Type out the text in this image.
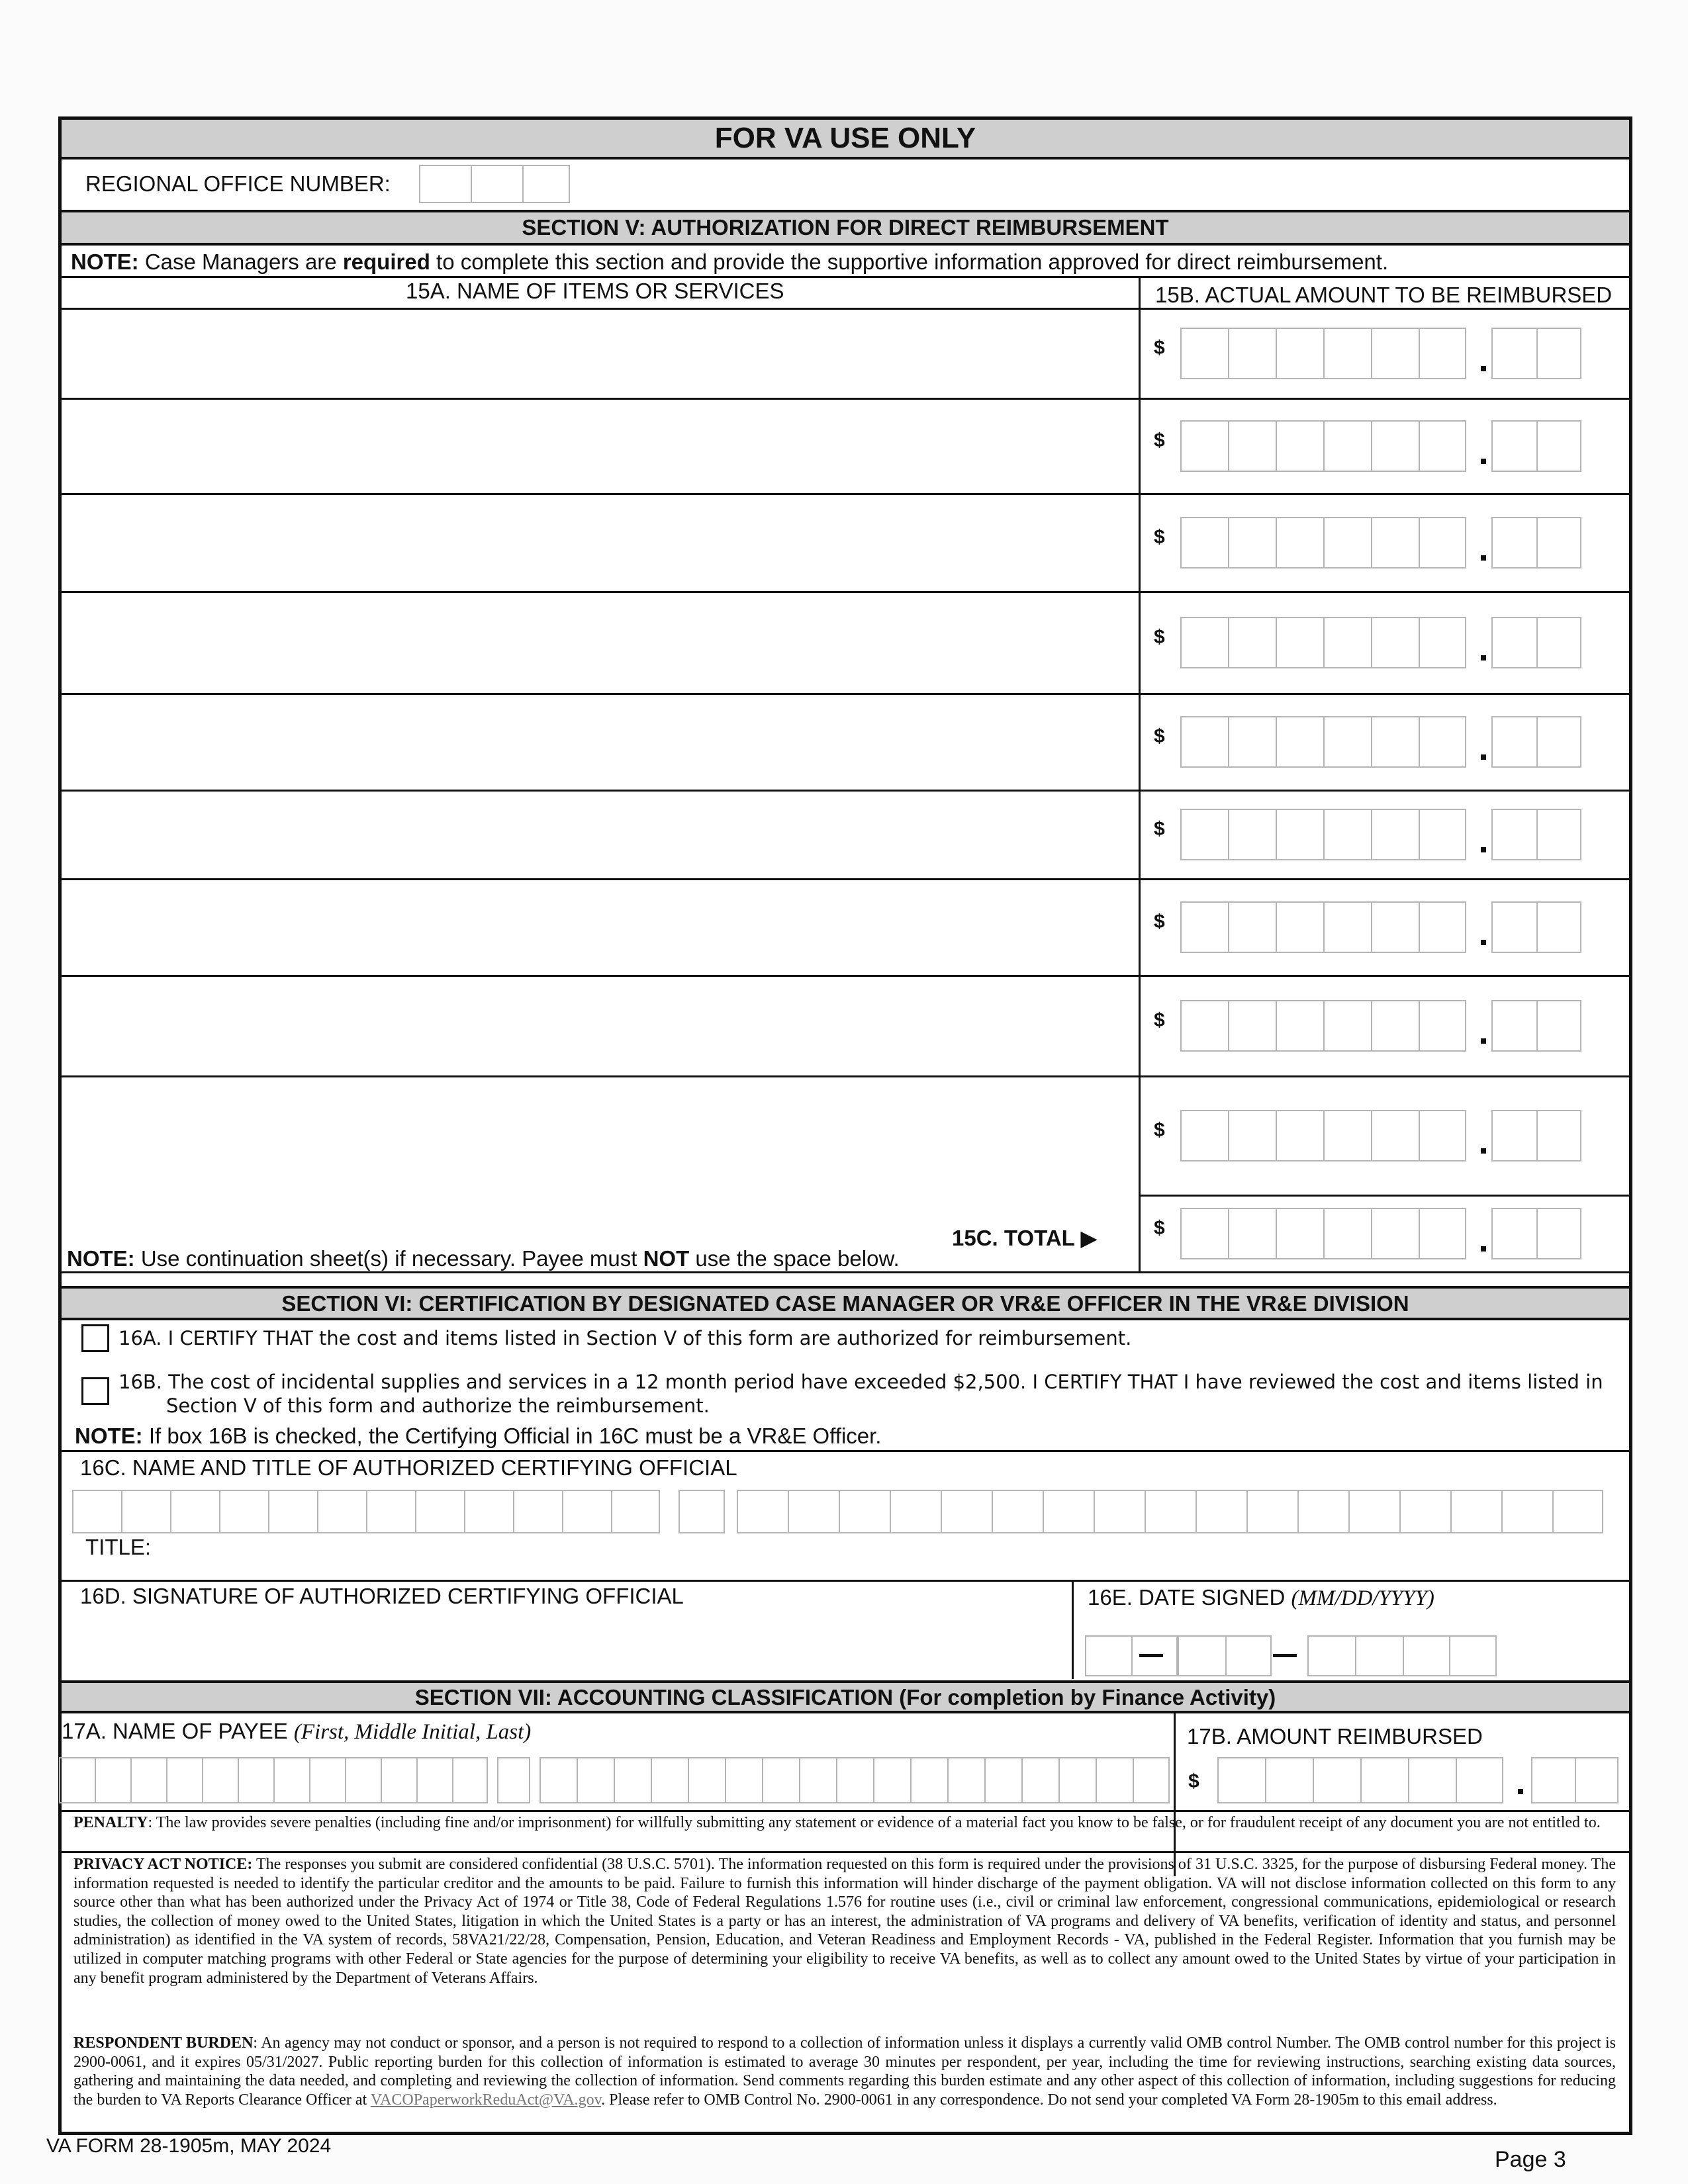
FOR VA USE ONLY
REGIONAL OFFICE NUMBER:
SECTION V: AUTHORIZATION FOR DIRECT REIMBURSEMENT
NOTE: Case Managers are required to complete this section and provide the supportive information approved for direct reimbursement.
15A. NAME OF ITEMS OR SERVICES	15B. ACTUAL AMOUNT TO BE REIMBURSED
$
$
$
$
$
$
$
$
$
$
15C. TOTAL ▶
NOTE: Use continuation sheet(s) if necessary. Payee must NOT use the space below.
SECTION VI: CERTIFICATION BY DESIGNATED CASE MANAGER OR VR&E OFFICER IN THE VR&E DIVISION
16A. I CERTIFY THAT the cost and items listed in Section V of this form are authorized for reimbursement.
16B. The cost of incidental supplies and services in a 12 month period have exceeded $2,500. I CERTIFY THAT I have reviewed the cost and items listed in
Section V of this form and authorize the reimbursement.
NOTE: If box 16B is checked, the Certifying Official in 16C must be a VR&E Officer.
16C. NAME AND TITLE OF AUTHORIZED CERTIFYING OFFICIAL
TITLE:
16D. SIGNATURE OF AUTHORIZED CERTIFYING OFFICIAL	16E. DATE SIGNED (MM/DD/YYYY)
SECTION VII: ACCOUNTING CLASSIFICATION (For completion by Finance Activity)
17A. NAME OF PAYEE (First, Middle Initial, Last)	17B. AMOUNT REIMBURSED
$
PENALTY: The law provides severe penalties (including fine and/or imprisonment) for willfully submitting any statement or evidence of a material fact you know to be false, or for fraudulent receipt of any document you are not entitled to.
PRIVACY ACT NOTICE: The responses you submit are considered confidential (38 U.S.C. 5701). The information requested on this form is required under the provisions of 31 U.S.C. 3325, for the purpose of disbursing Federal money. The information requested is needed to identify the particular creditor and the amounts to be paid. Failure to furnish this information will hinder discharge of the payment obligation. VA will not disclose information collected on this form to any source other than what has been authorized under the Privacy Act of 1974 or Title 38, Code of Federal Regulations 1.576 for routine uses (i.e., civil or criminal law enforcement, congressional communications, epidemiological or research studies, the collection of money owed to the United States, litigation in which the United States is a party or has an interest, the administration of VA programs and delivery of VA benefits, verification of identity and status, and personnel administration) as identified in the VA system of records, 58VA21/22/28, Compensation, Pension, Education, and Veteran Readiness and Employment Records - VA, published in the Federal Register. Information that you furnish may be utilized in computer matching programs with other Federal or State agencies for the purpose of determining your eligibility to receive VA benefits, as well as to collect any amount owed to the United States by virtue of your participation in any benefit program administered by the Department of Veterans Affairs.
RESPONDENT BURDEN: An agency may not conduct or sponsor, and a person is not required to respond to a collection of information unless it displays a currently valid OMB control Number. The OMB control number for this project is 2900-0061, and it expires 05/31/2027. Public reporting burden for this collection of information is estimated to average 30 minutes per respondent, per year, including the time for reviewing instructions, searching existing data sources, gathering and maintaining the data needed, and completing and reviewing the collection of information. Send comments regarding this burden estimate and any other aspect of this collection of information, including suggestions for reducing the burden to VA Reports Clearance Officer at VACOPaperworkReduAct@VA.gov. Please refer to OMB Control No. 2900-0061 in any correspondence. Do not send your completed VA Form 28-1905m to this email address.
VA FORM 28-1905m, MAY 2024
Page 3
